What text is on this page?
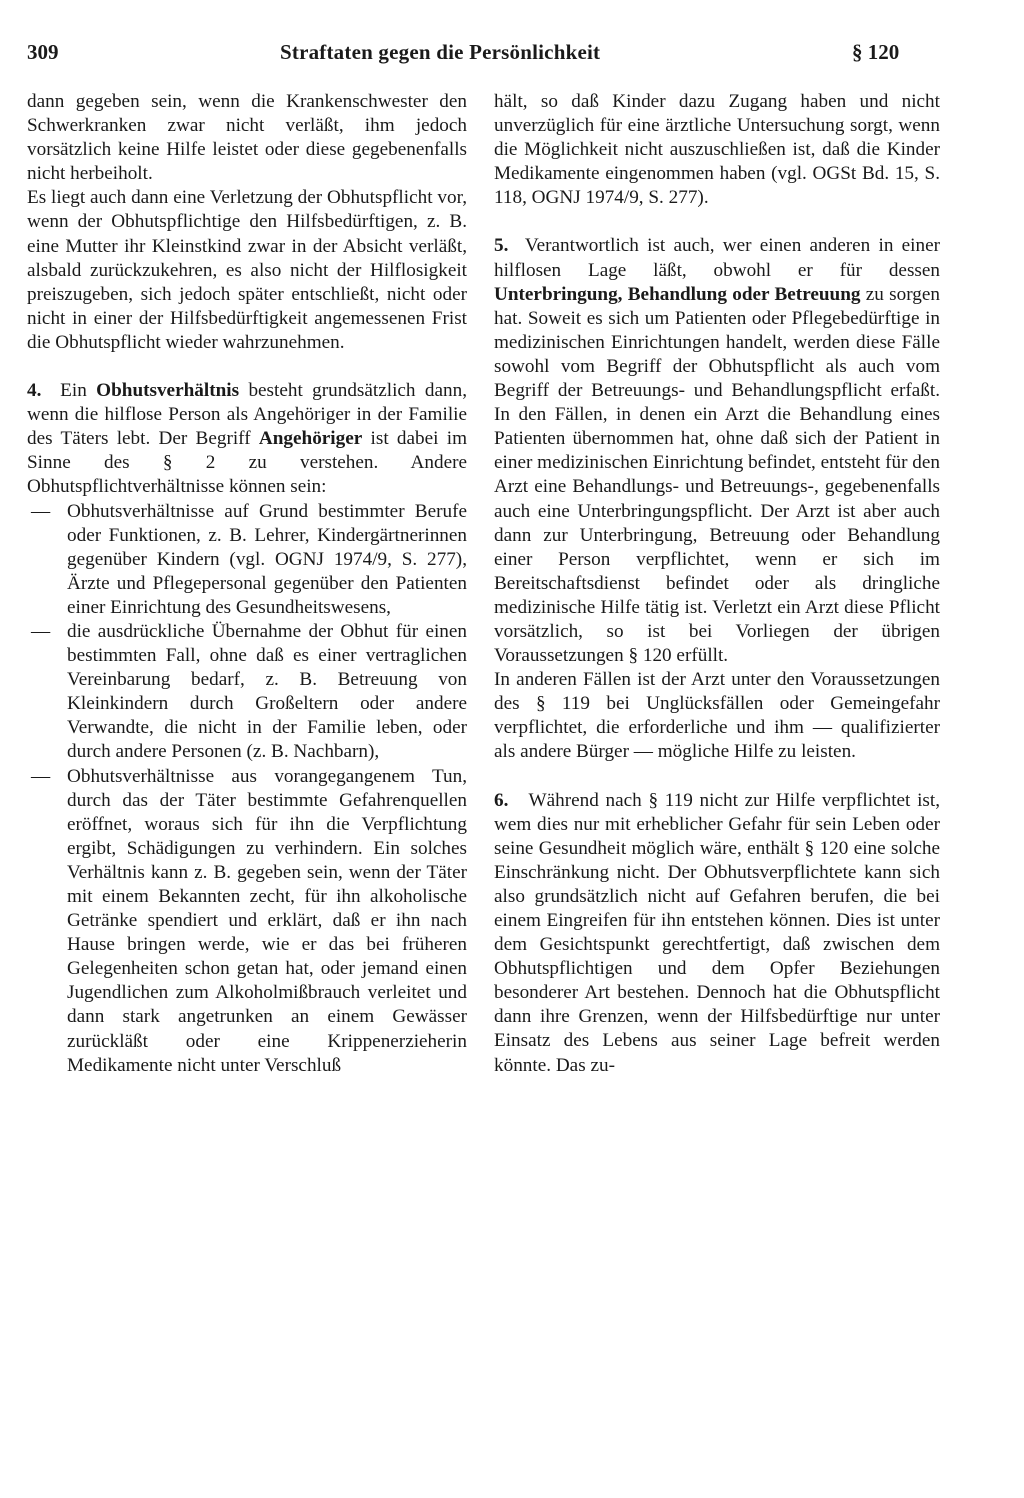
309	Straftaten gegen die Persönlichkeit	§ 120

dann gegeben sein, wenn die Krankenschwester den Schwerkranken zwar nicht verläßt, ihm jedoch vorsätzlich keine Hilfe leistet oder diese gegebenenfalls nicht herbeiholt.

Es liegt auch dann eine Verletzung der Obhutspflicht vor, wenn der Obhutspflichtige den Hilfsbedürftigen, z. B. eine Mutter ihr Kleinstkind zwar in der Absicht verläßt, alsbald zurückzukehren, es also nicht der Hilflosigkeit preiszugeben, sich jedoch später entschließt, nicht oder nicht in einer der Hilfsbedürftigkeit angemessenen Frist die Obhutspflicht wieder wahrzunehmen.

4. Ein Obhutsverhältnis besteht grundsätzlich dann, wenn die hilflose Person als Angehöriger in der Familie des Täters lebt. Der Begriff Angehöriger ist dabei im Sinne des § 2 zu verstehen. Andere Obhutspflichtverhältnisse können sein:

— Obhutsverhältnisse auf Grund bestimmter Berufe oder Funktionen, z. B. Lehrer, Kindergärtnerinnen gegenüber Kindern (vgl. OGNJ 1974/9, S. 277), Ärzte und Pflegepersonal gegenüber den Patienten einer Einrichtung des Gesundheitswesens,
— die ausdrückliche Übernahme der Obhut für einen bestimmten Fall, ohne daß es einer vertraglichen Vereinbarung bedarf, z. B. Betreuung von Kleinkindern durch Großeltern oder andere Verwandte, die nicht in der Familie leben, oder durch andere Personen (z. B. Nachbarn),
— Obhutsverhältnisse aus vorangegangenem Tun, durch das der Täter bestimmte Gefahrenquellen eröffnet, woraus sich für ihn die Verpflichtung ergibt, Schädigungen zu verhindern. Ein solches Verhältnis kann z. B. gegeben sein, wenn der Täter mit einem Bekannten zecht, für ihn alkoholische Getränke spendiert und erklärt, daß er ihn nach Hause bringen werde, wie er das bei früheren Gelegenheiten schon getan hat, oder jemand einen Jugendlichen zum Alkoholmißbrauch verleitet und dann stark angetrunken an einem Gewässer zurückläßt oder eine Krippenerzieherin Medikamente nicht unter Verschluß

hält, so daß Kinder dazu Zugang haben und nicht unverzüglich für eine ärztliche Untersuchung sorgt, wenn die Möglichkeit nicht auszuschließen ist, daß die Kinder Medikamente eingenommen haben (vgl. OGSt Bd. 15, S. 118, OGNJ 1974/9, S. 277).

5. Verantwortlich ist auch, wer einen anderen in einer hilflosen Lage läßt, obwohl er für dessen Unterbringung, Behandlung oder Betreuung zu sorgen hat. Soweit es sich um Patienten oder Pflegebedürftige in medizinischen Einrichtungen handelt, werden diese Fälle sowohl vom Begriff der Obhutspflicht als auch vom Begriff der Betreuungs- und Behandlungspflicht erfaßt. In den Fällen, in denen ein Arzt die Behandlung eines Patienten übernommen hat, ohne daß sich der Patient in einer medizinischen Einrichtung befindet, entsteht für den Arzt eine Behandlungs- und Betreuungs-, gegebenenfalls auch eine Unterbringungspflicht. Der Arzt ist aber auch dann zur Unterbringung, Betreuung oder Behandlung einer Person verpflichtet, wenn er sich im Bereitschaftsdienst befindet oder als dringliche medizinische Hilfe tätig ist. Verletzt ein Arzt diese Pflicht vorsätzlich, so ist bei Vorliegen der übrigen Voraussetzungen § 120 erfüllt.

In anderen Fällen ist der Arzt unter den Voraussetzungen des § 119 bei Unglücksfällen oder Gemeingefahr verpflichtet, die erforderliche und ihm — qualifizierter als andere Bürger — mögliche Hilfe zu leisten.

6. Während nach § 119 nicht zur Hilfe verpflichtet ist, wem dies nur mit erheblicher Gefahr für sein Leben oder seine Gesundheit möglich wäre, enthält § 120 eine solche Einschränkung nicht. Der Obhutsverpflichtete kann sich also grundsätzlich nicht auf Gefahren berufen, die bei einem Eingreifen für ihn entstehen können. Dies ist unter dem Gesichtspunkt gerechtfertigt, daß zwischen dem Obhutspflichtigen und dem Opfer Beziehungen besonderer Art bestehen. Dennoch hat die Obhutspflicht dann ihre Grenzen, wenn der Hilfsbedürftige nur unter Einsatz des Lebens aus seiner Lage befreit werden könnte. Das zu-
